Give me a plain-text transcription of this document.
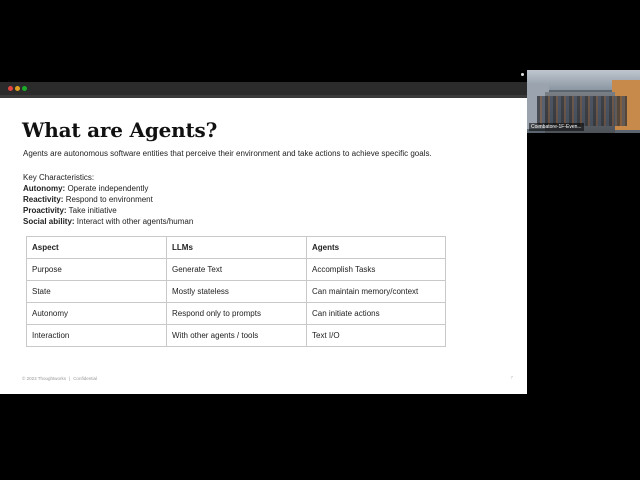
What are Agents?

Agents are autonomous software entities that perceive their environment and take actions to achieve specific goals.

Key Characteristics:
Autonomy: Operate independently
Reactivity: Respond to environment
Proactivity: Take initiative
Social ability: Interact with other agents/human
Aspect	LLMs	Agents
Purpose	Generate Text	Accomplish Tasks
State	Mostly stateless	Can maintain memory/context
Autonomy	Respond only to prompts	Can initiate actions
Interaction	With other agents / tools	Text I/O
© 2023 Thoughtworks | Confidential	7
Coimbatore-1F-Even...
